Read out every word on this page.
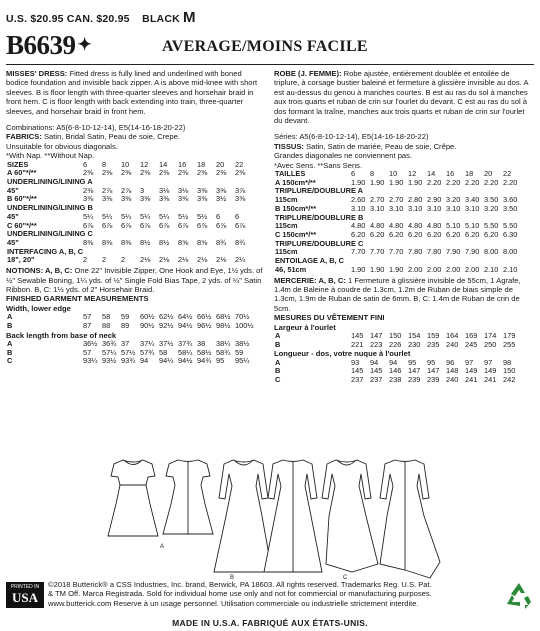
U.S. $20.95 CAN. $20.95 BLACK M
B6639 ✦	AVERAGE/MOINS FACILE
MISSES' DRESS: Fitted dress is fully lined and underlined with boned bodice foundation and invisible back zipper. A is above mid-knee with short sleeves. B is floor length with three-quarter sleeves and horsehair braid in front hem. C is floor length with back extending into train, three-quarter sleeves, and horsehair braid in front hem.
Combinations: A5(6-8-10-12-14), E5(14-16-18-20-22)
FABRICS: Satin, Bridal Satin, Peau de soie, Crepe.
Unsuitable for obvious diagonals.
*With Nap. **Without Nap.
SIZES	6	8	10	12	14	16	18	20	22
A 60"*/**	2⅜	2⅜	2⅜	2⅜	2⅜	2⅜	2⅜	2⅜	2⅜
UNDERLINING/LINING A									
45"	2⅜	2⅞	2⅞	3	3⅛	3⅛	3⅜	3⅜	3⅞
B 60"*/**	3⅜	3⅜	3⅜	3⅜	3⅜	3⅜	3⅜	3½	3⅜
UNDERLINING/LINING B									
45"	5¼	5¼	5¼	5¼	5¼	5½	5½	6	6
C 60"*/**	6⅞	6⅞	6⅞	6⅞	6⅞	6⅞	6⅞	6⅞	6⅞
UNDERLINING/LINING C									
45"	8⅜	8⅜	8⅜	8½	8½	8⅝	8⅝	8¾	8¾
INTERFACING A, B, C									
18", 20"	2	2	2	2⅛	2⅛	2⅛	2⅛	2⅛	2¼
NOTIONS: A, B, C: One 22" Invisible Zipper, One Hook and Eye, 1½ yds. of ½" Sewable Boning, 1¼ yds. of ½" Single Fold Bias Tape, 2 yds. of ¼" Satin Ribbon. B, C: 1½ yds. of 2" Horsehair Braid.
FINISHED GARMENT MEASUREMENTS
Width, lower edge
A	57	58	59	60½	62½	64½	66½	68½	70½
B	87	88	89	90½	92½	94½	96½	98½	100½
Back length from base of neck
A	36½	36¾	37	37¼	37½	37¾	38	38¼	38½
B	57	57¼	57½	57¾	58	58¼	58½	58¾	59
C	93¼	93½	93¾	94	94¼	94½	94¾	95	95¼
ROBE (J. FEMME): Robe ajustée, entièrement doublée et entoilée de triplure, à corsage bustier baleiné et fermeture à glissière invisible au dos. A est au-dessus du genou à manches courtes. B est au ras du sol à manches aux trois quarts et ruban de crin sur l'ourlet du devant. C est au ras du sol à dos formant la traîne, manches aux trois quarts et ruban de crin sur l'ourlet du devant.
Séries: A5(6-8-10-12-14), E5(14-16-18-20-22)
TISSUS: Satin, Satin de mariée, Peau de soie, Crêpe.
Grandes diagonales ne conviennent pas.
*Avec Sens. **Sans Sens.
TAILLES	6	8	10	12	14	16	18	20	22
A 150cm*/**	1.90	1.90	1.90	1.90	2.20	2.20	2.20	2.20	2.20
TRIPLURE/DOUBLURE A									
115cm	2.60	2.70	2.70	2.80	2.90	3.20	3.40	3.50	3.60
B 150cm*/**	3.10	3.10	3.10	3.10	3.10	3.10	3.10	3.20	3.50
TRIPLURE/DOUBLURE B									
115cm	4.80	4.80	4.80	4.80	4.80	5.10	5.10	5.50	5.50
C 150cm*/**	6.20	6.20	6.20	6.20	6.20	6.20	6.20	6.20	6.30
TRIPLURE/DOUBLURE C									
115cm	7.70	7.70	7.70	7.80	7.80	7.90	7.90	8.00	8.00
ENTOILAGE A, B, C									
46, 51cm	1.90	1.90	1.90	2.00	2.00	2.00	2.00	2.10	2.10
MERCERIE: A, B, C: 1 Fermeture à glissière invisible de 55cm, 1 Agrafe, 1.4m de Baleine à coudre de 1.3cm, 1.2m de Ruban de biais simple de 1.3cm, 1.9m de Ruban de satin de 6mm. B, C: 1.4m de Ruban de crin de 5cm.
MESURES DU VÊTEMENT FINI
Largeur à l'ourlet
A	145	147	150	154	159	164	169	174	179
B	221	223	226	230	235	240	245	250	255
Longueur - dos, votre nuque à l'ourlet
A	93	94	94	95	95	96	97	97	98
B	145	145	146	147	147	148	149	149	150
C	237	237	238	239	239	240	241	241	242
A
B	C
PRINTED IN
USA
©2018 Butterick® a CSS Industries, Inc. brand, Berwick, PA 18603. All rights reserved. Trademarks Reg. U.S. Pat.
& TM Off. Marca Registrada. Sold for individual home use only and not for commercial or manufacturing purposes.
www.butterick.com Reserve à un usage personnel. Utilisation commerciale ou industrielle strictement interdite.
MADE IN U.S.A. FABRIQUÉ AUX ÉTATS-UNIS.
